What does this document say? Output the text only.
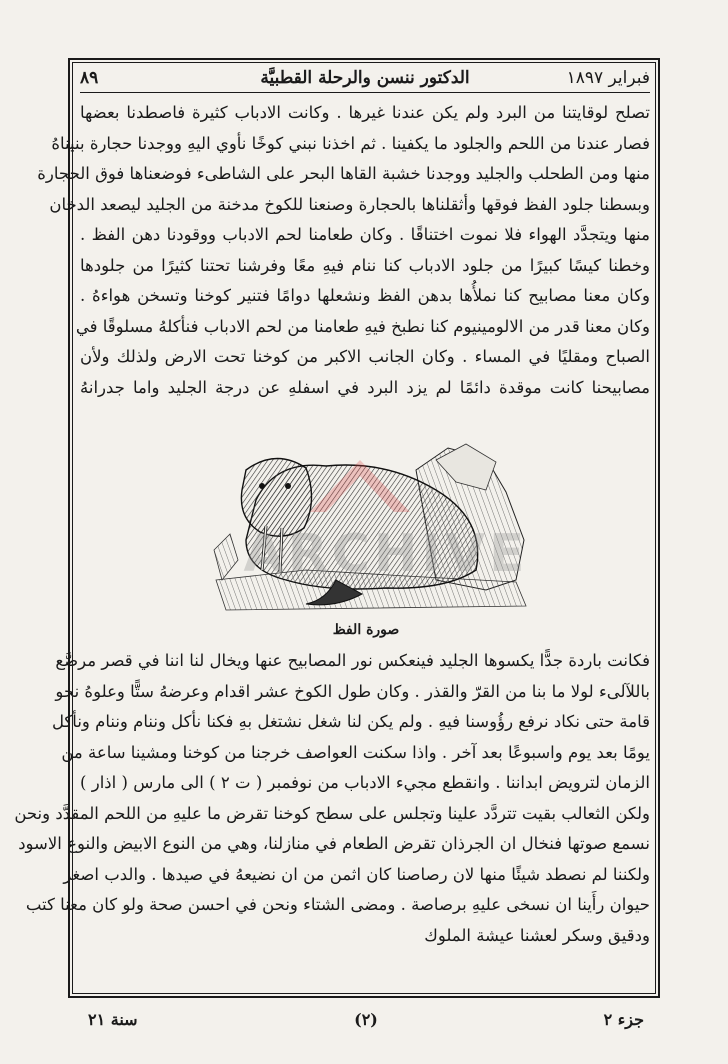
فبراير ١٨٩٧
الدكتور ننسن والرحلة القطبيَّة
٨٩
تصلح لوقايتنا من البرد ولم يكن عندنا غيرها . وكانت الادباب كثيرة فاصطدنا بعضها
فصار عندنا من اللحم والجلود ما يكفينا . ثم اخذنا نبني كوخًا نأوي اليهِ ووجدنا حجارة بنيناهُ
منها ومن الطحلب والجليد ووجدنا خشبة القاها البحر على الشاطىء فوضعناها فوق الحجارة
وبسطنا جلود الفظ فوقها وأثقلناها بالحجارة وصنعنا للكوخ مدخنة من الجليد ليصعد الدخان
منها ويتجدَّد الهواء فلا نموت اختناقًا . وكان طعامنا لحم الادباب ووقودنا دهن الفظ .
وخطنا كيسًا كبيرًا من جلود الادباب كنا ننام فيهِ معًا وفرشنا تحتنا كثيرًا من جلودها
وكان معنا مصابيح كنا نملأُها بدهن الفظ ونشعلها دوامًا فتنير كوخنا وتسخن هواءهُ .
وكان معنا قدر من الالومينيوم كنا نطبخ فيهِ طعامنا من لحم الادباب فنأكلهُ مسلوقًا في
الصباح ومقليًا في المساء . وكان الجانب الاكبر من كوخنا تحت الارض ولذلك ولأن
مصابيحنا كانت موقدة دائمًا لم يزد البرد في اسفلهِ عن درجة الجليد واما جدرانهُ
ARCHIVE
صورة الفظ
فكانت باردة جدًّا يكسوها الجليد فينعكس نور المصابيح عنها ويخال لنا اننا في قصر مرصَّع
باللآلىء لولا ما بنا من القرّ والقذر . وكان طول الكوخ عشر اقدام وعرضهُ ستًّا وعلوهُ نحو
قامة حتى نكاد نرفع رؤُوسنا فيهِ . ولم يكن لنا شغل نشتغل بهِ فكنا نأكل وننام وننام ونأكل
يومًا بعد يوم واسبوعًا بعد آخر . واذا سكنت العواصف خرجنا من كوخنا ومشينا ساعة من
الزمان لترويض ابداننا . وانقطع مجيء الادباب من نوفمبر ( ت ٢ ) الى مارس ( اذار )
ولكن الثعالب بقيت تتردَّد علينا وتجلس على سطح كوخنا تقرض ما عليهِ من اللحم المقدَّد ونحن
نسمع صوتها فنخال ان الجرذان تقرض الطعام في منازلنا، وهي من النوع الابيض والنوع الاسود
ولكننا لم نصطد شيئًا منها لان رصاصنا كان اثمن من ان نضيعهُ في صيدها . والدب اصغر
حيوان رأَينا ان نسخى عليهِ برصاصة . ومضى الشتاء ونحن في احسن صحة ولو كان معنا كتب
ودقيق وسكر لعشنا عيشة الملوك
جزء ٢
(٢)
سنة ٢١
